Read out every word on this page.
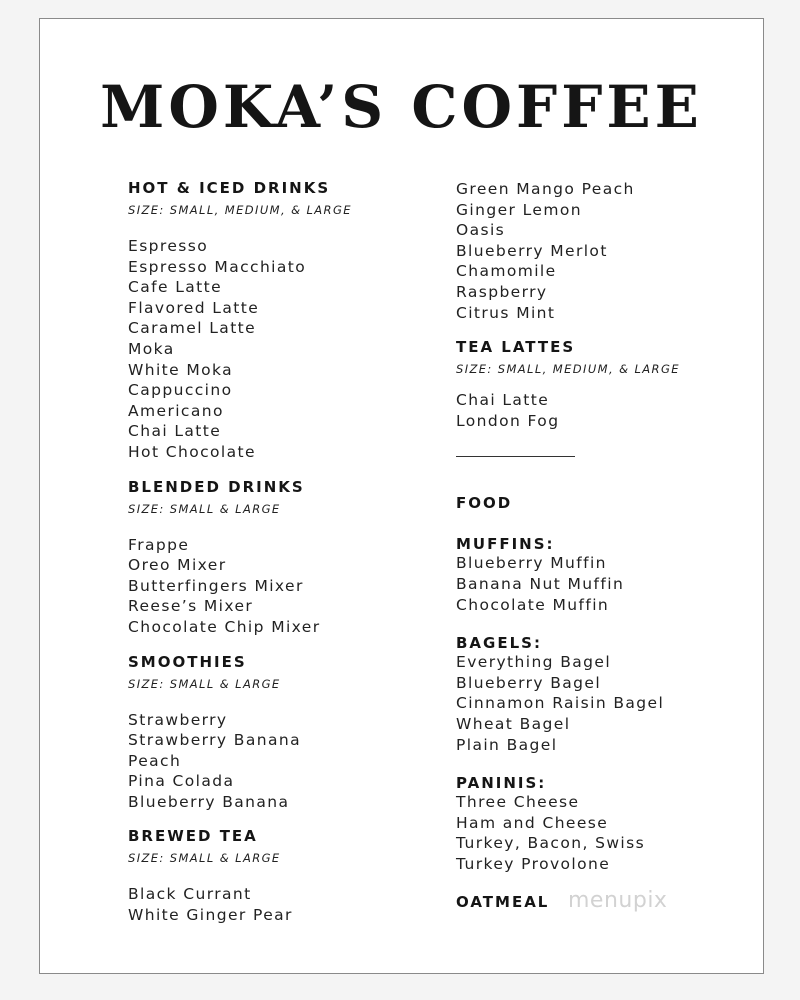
MOKA’S COFFEE
HOT & ICED DRINKS
SIZE: SMALL, MEDIUM, & LARGE
Espresso
Espresso Macchiato
Cafe Latte
Flavored Latte
Caramel Latte
Moka
White Moka
Cappuccino
Americano
Chai Latte
Hot Chocolate
BLENDED DRINKS
SIZE: SMALL & LARGE
Frappe
Oreo Mixer
Butterfingers Mixer
Reese’s Mixer
Chocolate Chip Mixer
SMOOTHIES
SIZE: SMALL & LARGE
Strawberry
Strawberry Banana
Peach
Pina Colada
Blueberry Banana
BREWED TEA
SIZE: SMALL & LARGE
Black Currant
White Ginger Pear
Green Mango Peach
Ginger Lemon
Oasis
Blueberry Merlot
Chamomile
Raspberry
Citrus Mint
TEA LATTES
SIZE: SMALL, MEDIUM, & LARGE
Chai Latte
London Fog
FOOD
MUFFINS:
Blueberry Muffin
Banana Nut Muffin
Chocolate Muffin
BAGELS:
Everything Bagel
Blueberry Bagel
Cinnamon Raisin Bagel
Wheat Bagel
Plain Bagel
PANINIS:
Three Cheese
Ham and Cheese
Turkey, Bacon, Swiss
Turkey Provolone
OATMEAL menupix
